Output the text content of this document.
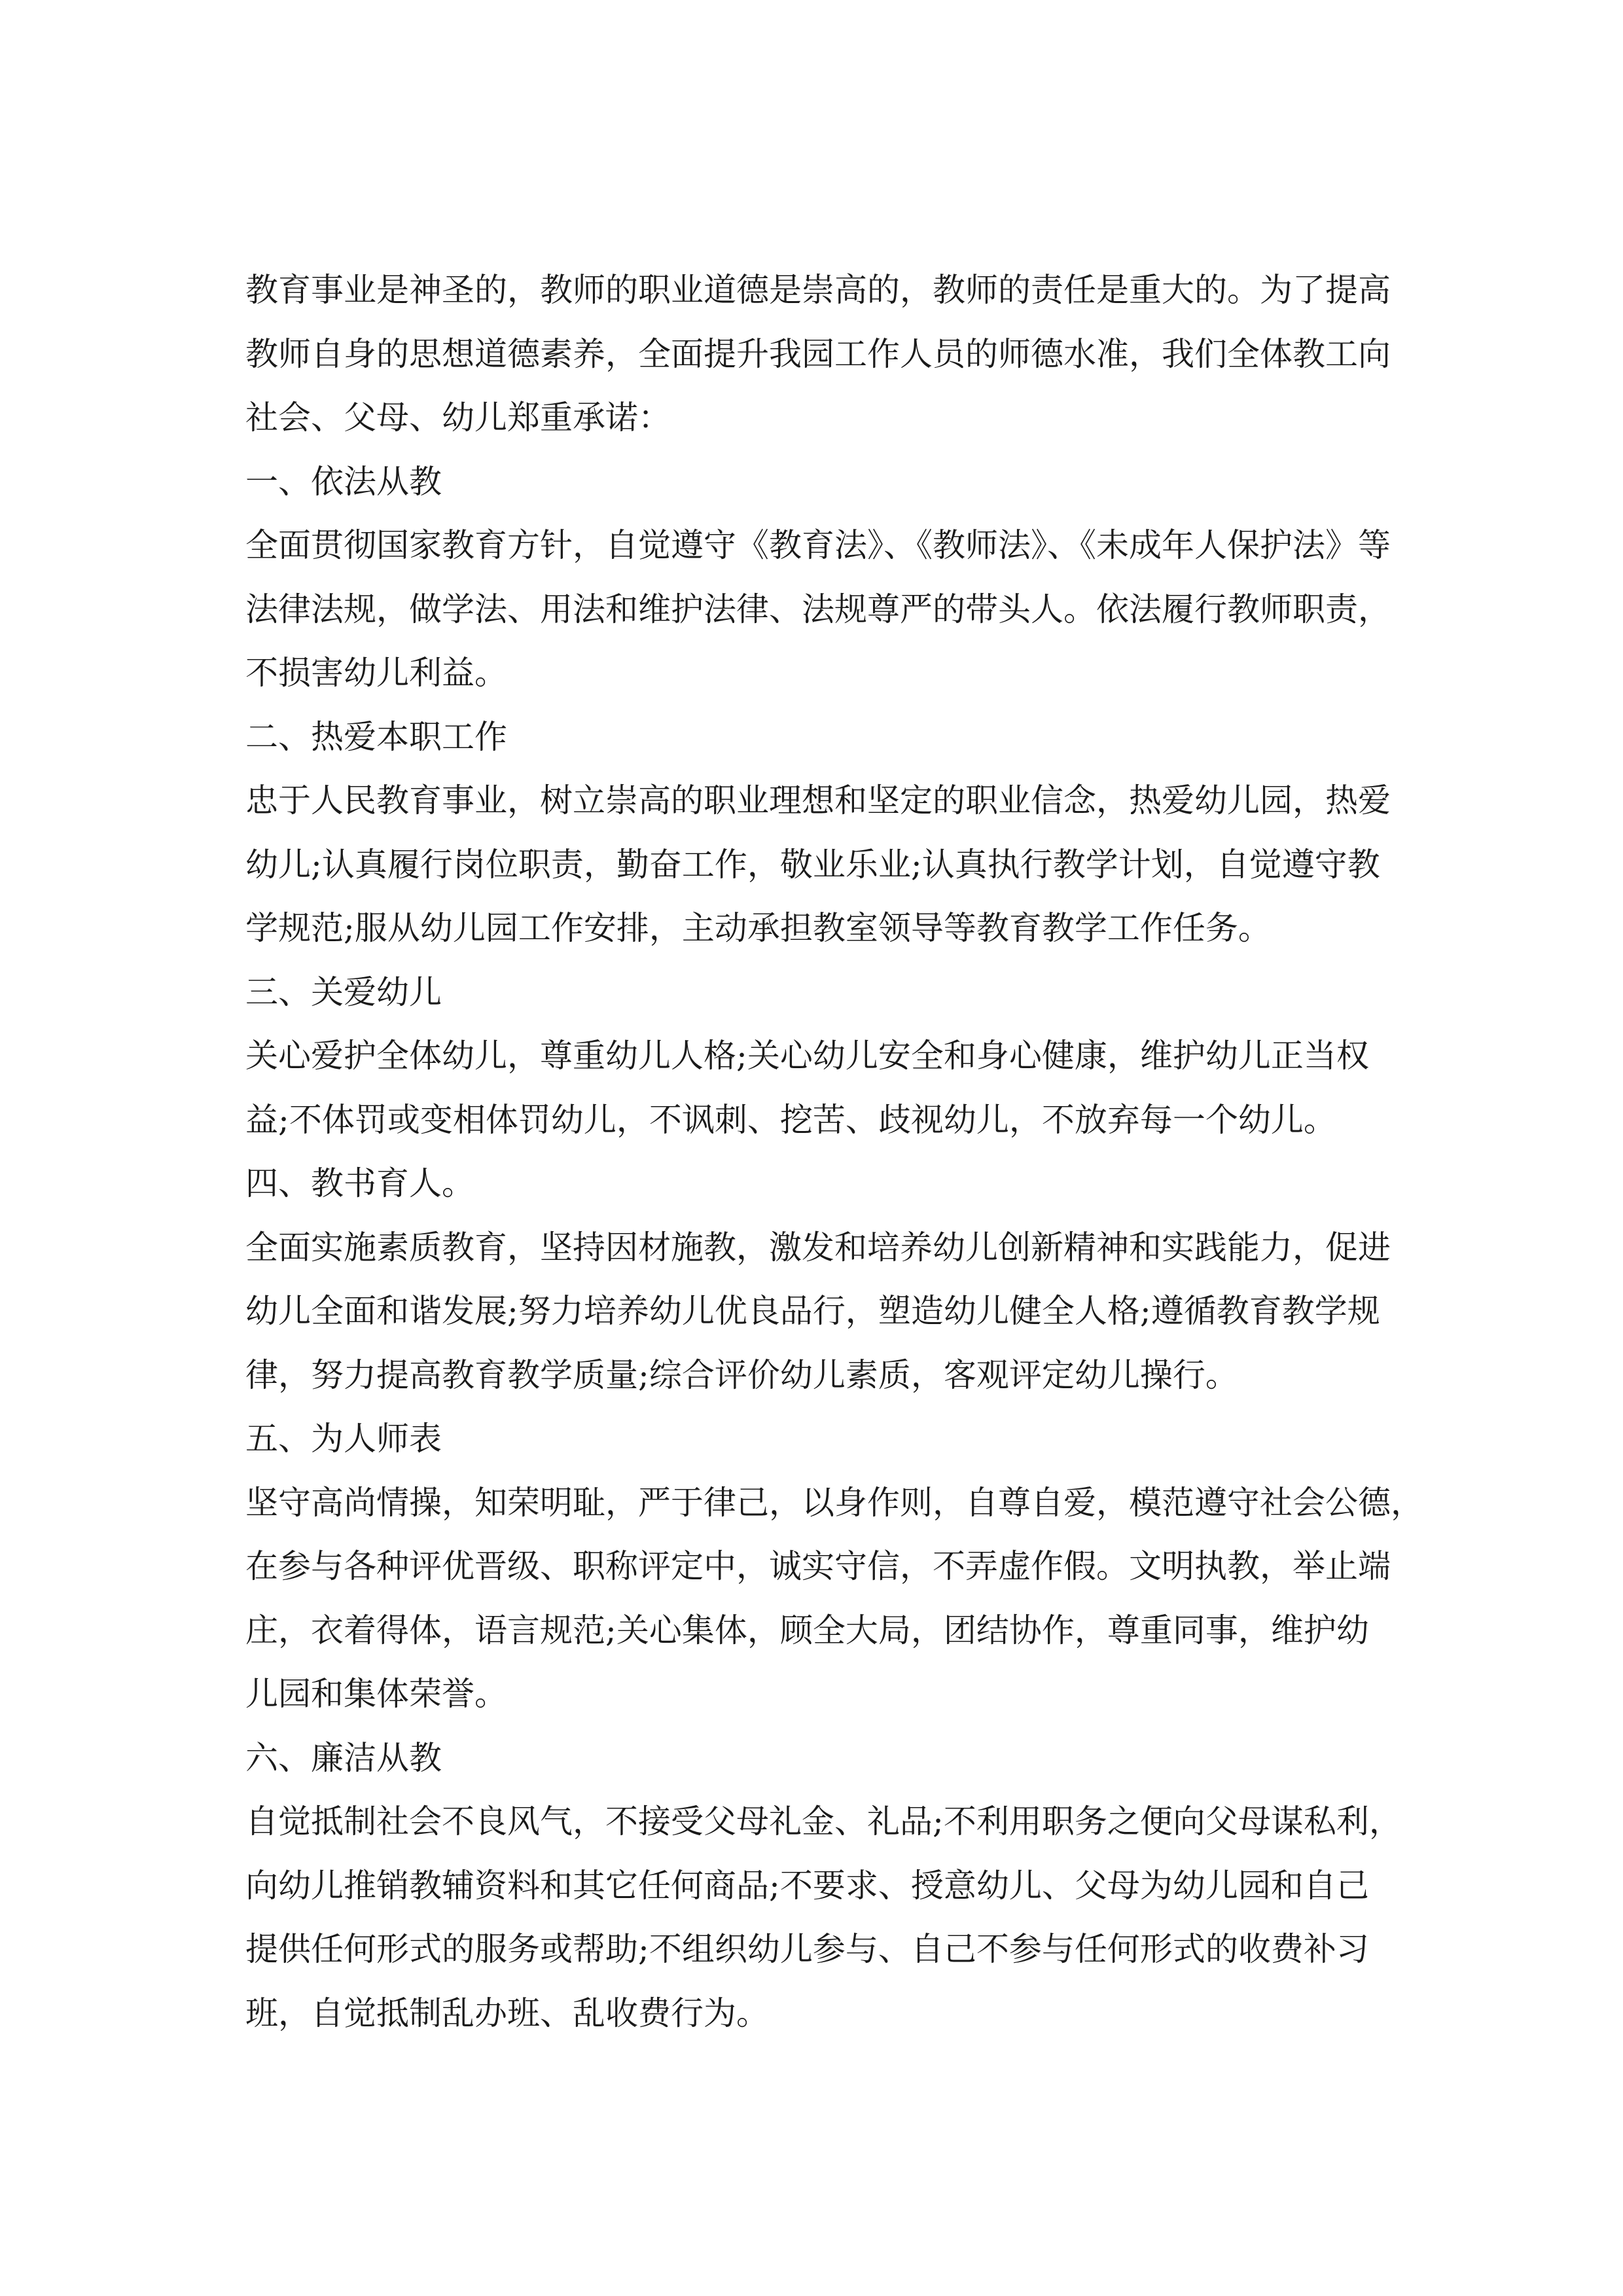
教育事业是神圣的，教师的职业道德是崇高的，教师的责任是重大的。为了提高

教师自身的思想道德素养，全面提升我园工作人员的师德水准，我们全体教工向

社会、父母、幼儿郑重承诺：

一、依法从教

全面贯彻国家教育方针，自觉遵守《教育法》、《教师法》、《未成年人保护法》等

法律法规，做学法、用法和维护法律、法规尊严的带头人。依法履行教师职责，

不损害幼儿利益。

二、热爱本职工作

忠于人民教育事业，树立崇高的职业理想和坚定的职业信念，热爱幼儿园，热爱

幼儿;认真履行岗位职责，勤奋工作，敬业乐业;认真执行教学计划，自觉遵守教

学规范;服从幼儿园工作安排，主动承担教室领导等教育教学工作任务。

三、关爱幼儿

关心爱护全体幼儿，尊重幼儿人格;关心幼儿安全和身心健康，维护幼儿正当权

益;不体罚或变相体罚幼儿，不讽刺、挖苦、歧视幼儿，不放弃每一个幼儿。

四、教书育人。

全面实施素质教育，坚持因材施教，激发和培养幼儿创新精神和实践能力，促进

幼儿全面和谐发展;努力培养幼儿优良品行，塑造幼儿健全人格;遵循教育教学规

律，努力提高教育教学质量;综合评价幼儿素质，客观评定幼儿操行。

五、为人师表

坚守高尚情操，知荣明耻，严于律己，以身作则，自尊自爱，模范遵守社会公德，

在参与各种评优晋级、职称评定中，诚实守信，不弄虚作假。文明执教，举止端

庄，衣着得体，语言规范;关心集体，顾全大局，团结协作，尊重同事，维护幼

儿园和集体荣誉。

六、廉洁从教

自觉抵制社会不良风气，不接受父母礼金、礼品;不利用职务之便向父母谋私利，

向幼儿推销教辅资料和其它任何商品;不要求、授意幼儿、父母为幼儿园和自己

提供任何形式的服务或帮助;不组织幼儿参与、自己不参与任何形式的收费补习

班，自觉抵制乱办班、乱收费行为。
